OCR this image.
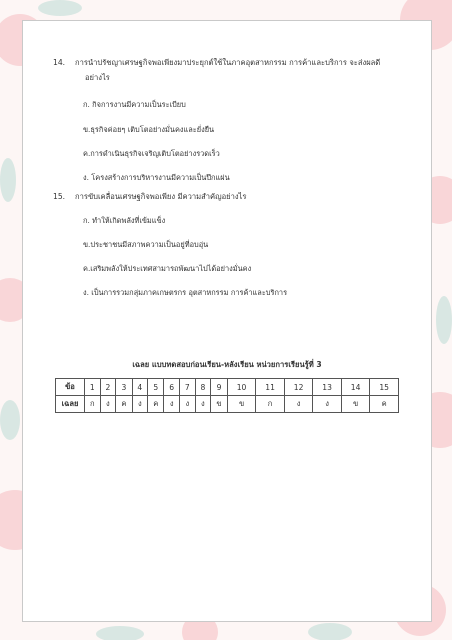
14.	การนำปรัชญาเศรษฐกิจพอเพียงมาประยุกต์ใช้ในภาคอุตสาหกรรม การค้าและบริการ จะส่งผลดี
อย่างไร
ก. กิจการงานมีความเป็นระเบียบ
ข.ธุรกิจค่อยๆ เติบโตอย่างมั่นคงและยั่งยืน
ค.การดำเนินธุรกิจเจริญเติบโตอย่างรวดเร็ว
ง. โครงสร้างการบริหารงานมีความเป็นปึกแผ่น
15.	การขับเคลื่อนเศรษฐกิจพอเพียง มีความสำคัญอย่างไร
ก. ทำให้เกิดพลังที่เข้มแข็ง
ข.ประชาชนมีสภาพความเป็นอยู่ที่อบอุ่น
ค.เสริมพลังให้ประเทศสามารถพัฒนาไปได้อย่างมั่นคง
ง. เป็นการรวมกลุ่มภาคเกษตรกร อุตสาหกรรม การค้าและบริการ
เฉลย แบบทดสอบก่อนเรียน-หลังเรียน หน่วยการเรียนรู้ที่ 3
ข้อ	1	2	3	4	5	6	7	8	9	10	11	12	13	14	15
เฉลย	ก	ง	ค	ง	ค	ง	ง	ง	ข	ข	ก	ง	ง	ข	ค
